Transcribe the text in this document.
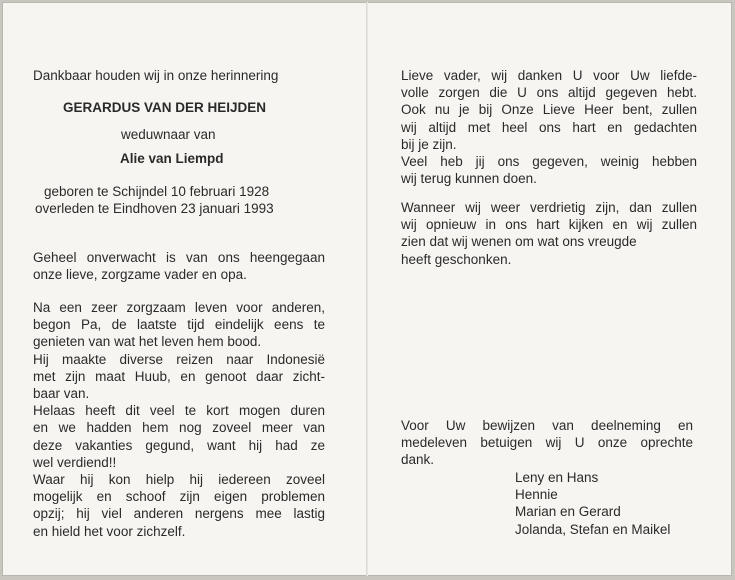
Dankbaar houden wij in onze herinnering

GERARDUS VAN DER HEIJDEN

weduwnaar van

Alie van Liempd

geboren te Schijndel 10 februari 1928

overleden te Eindhoven 23 januari 1993

Geheel onverwacht is van ons heengegaan
onze lieve, zorgzame vader en opa.
Na een zeer zorgzaam leven voor anderen,
begon Pa, de laatste tijd eindelijk eens te
genieten van wat het leven hem bood.
Hij maakte diverse reizen naar Indonesië
met zijn maat Huub, en genoot daar zicht-
baar van.
Helaas heeft dit veel te kort mogen duren
en we hadden hem nog zoveel meer van
deze vakanties gegund, want hij had ze
wel verdiend!!
Waar hij kon hielp hij iedereen zoveel
mogelijk en schoof zijn eigen problemen
opzij; hij viel anderen nergens mee lastig
en hield het voor zichzelf.
Lieve vader, wij danken U voor Uw liefde-
volle zorgen die U ons altijd gegeven hebt.
Ook nu je bij Onze Lieve Heer bent, zullen
wij altijd met heel ons hart en gedachten
bij je zijn.
Veel heb jij ons gegeven, weinig hebben
wij terug kunnen doen.
Wanneer wij weer verdrietig zijn, dan zullen
wij opnieuw in ons hart kijken en wij zullen
zien dat wij wenen om wat ons vreugde
heeft geschonken.
Voor Uw bewijzen van deelneming en
medeleven betuigen wij U onze oprechte
dank.
Leny en Hans
Hennie
Marian en Gerard
Jolanda, Stefan en Maikel
